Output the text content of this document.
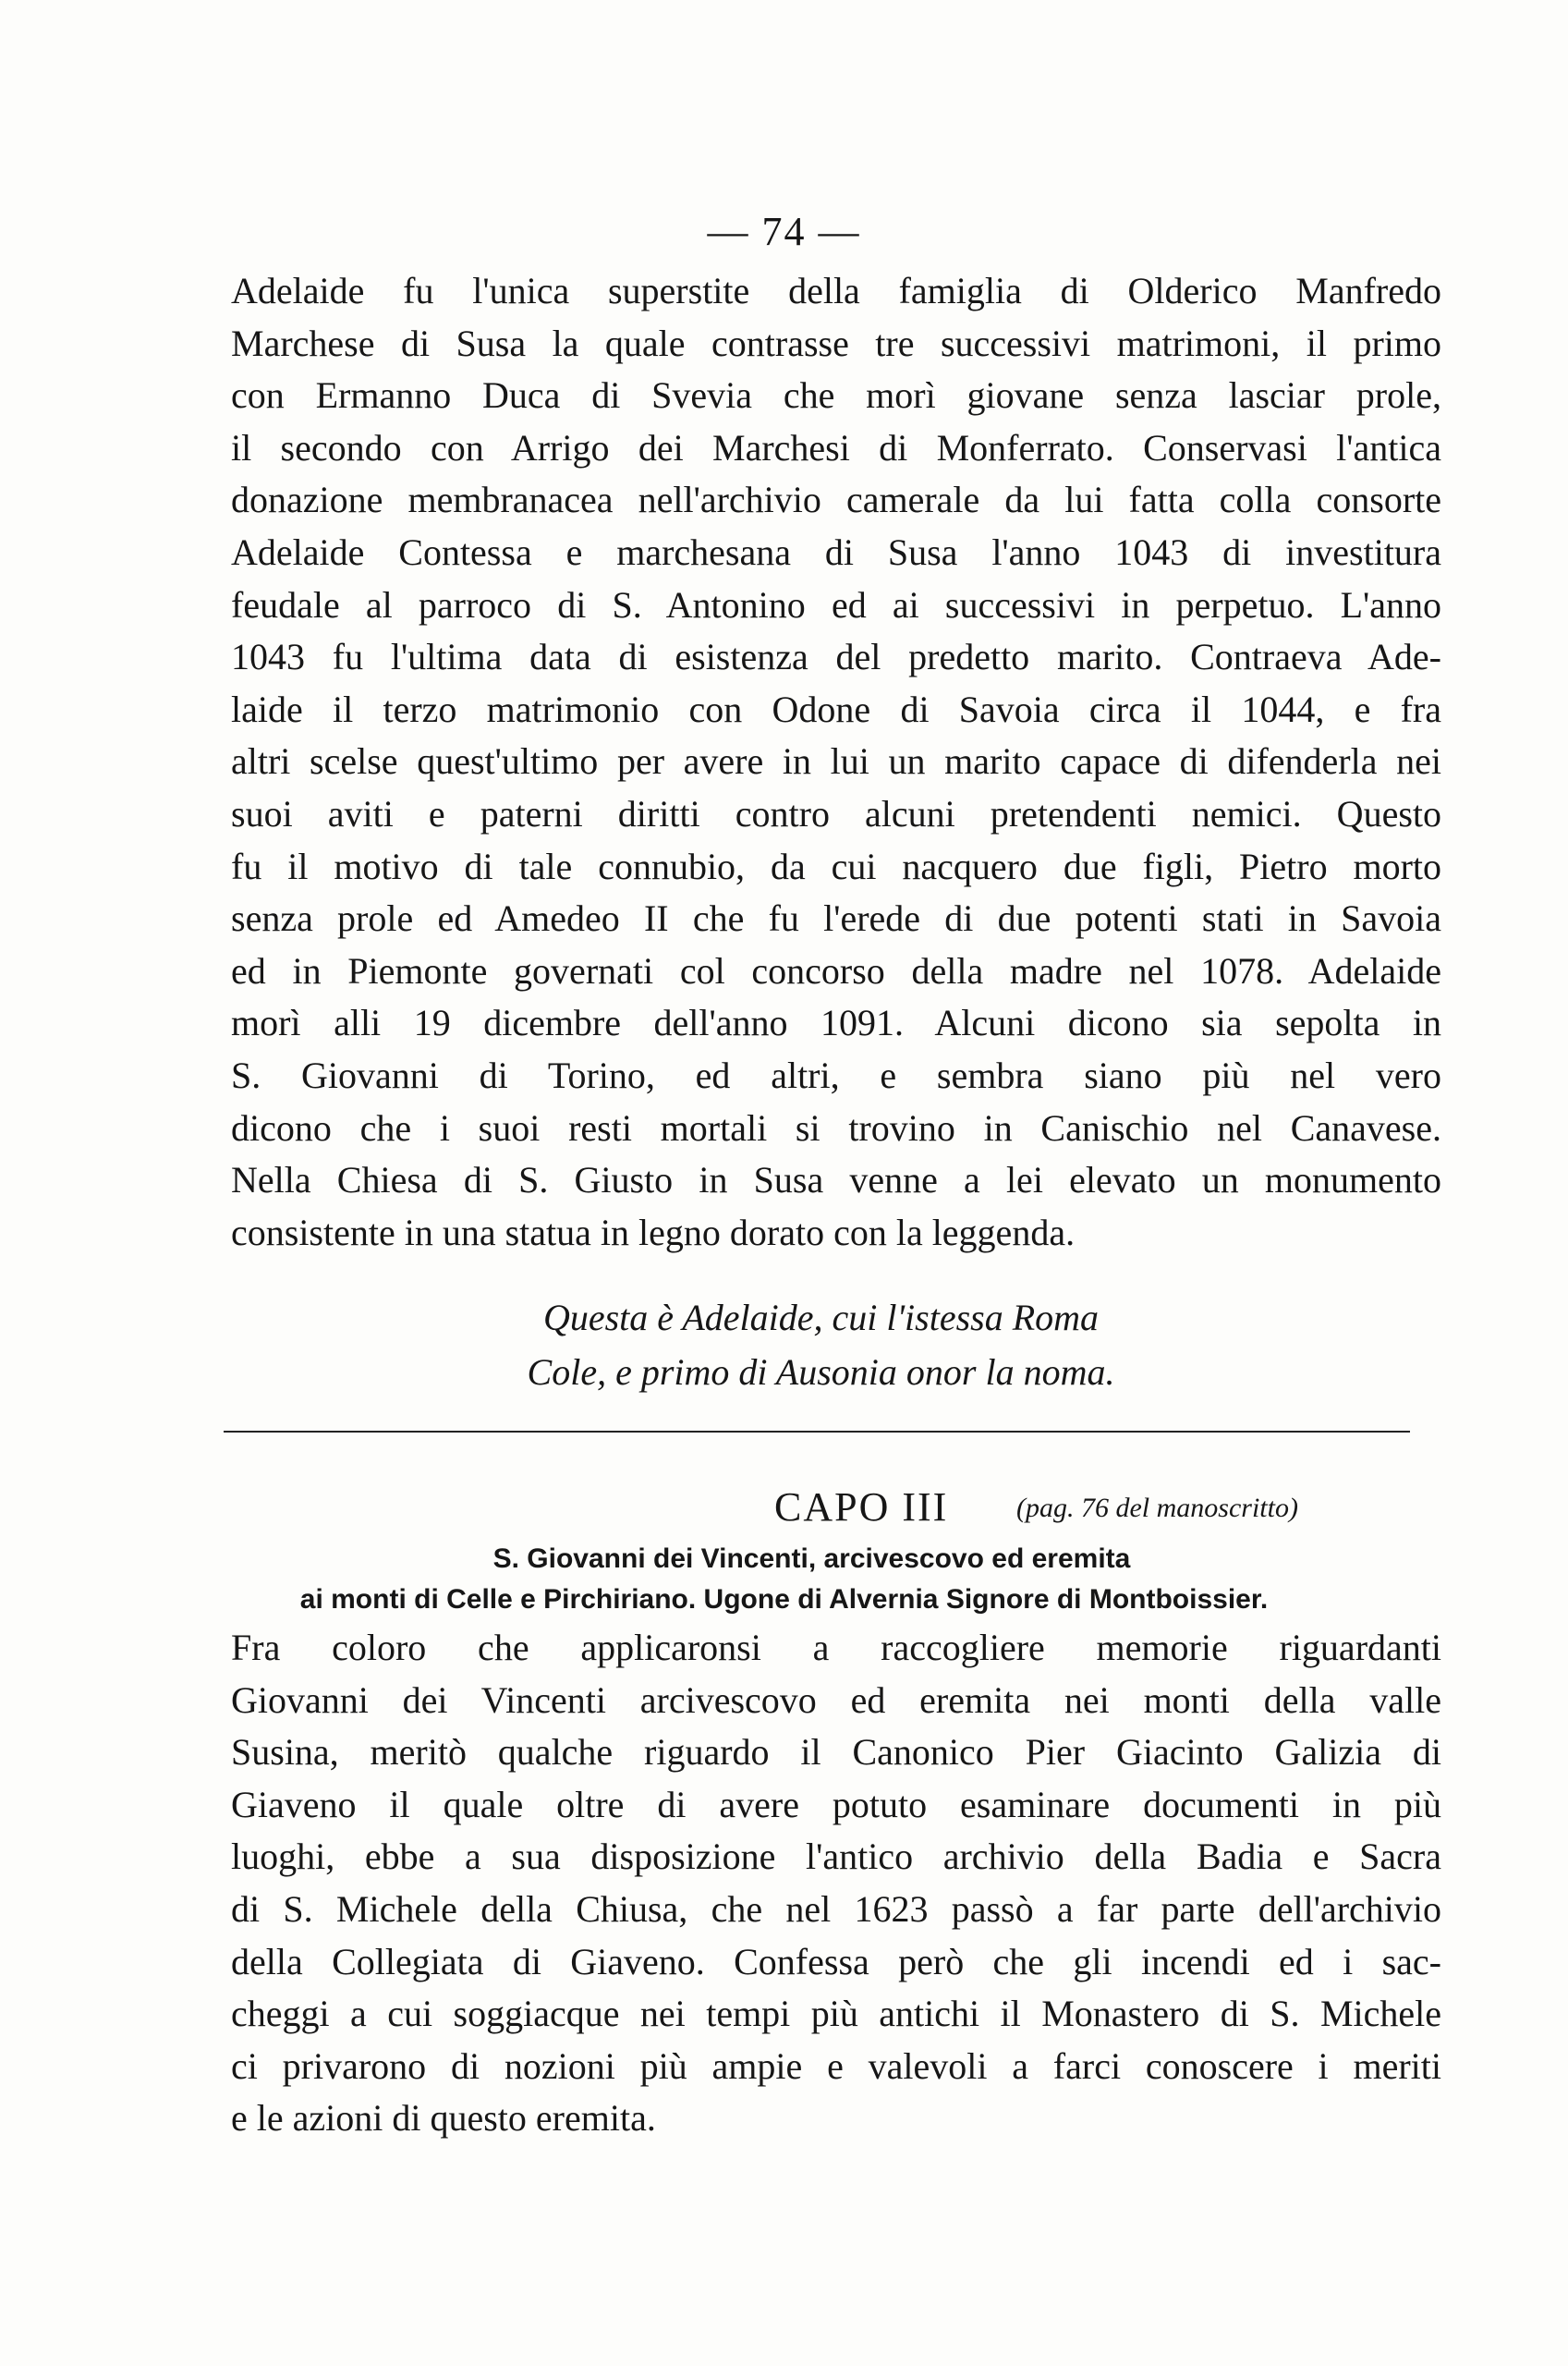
— 74 —
Adelaide fu l'unica superstite della famiglia di Olderico Manfredo
Marchese di Susa la quale contrasse tre successivi matrimoni, il primo
con Ermanno Duca di Svevia che morì giovane senza lasciar prole,
il secondo con Arrigo dei Marchesi di Monferrato. Conservasi l'antica
donazione membranacea nell'archivio camerale da lui fatta colla consorte
Adelaide Contessa e marchesana di Susa l'anno 1043 di investitura
feudale al parroco di S. Antonino ed ai successivi in perpetuo. L'anno
1043 fu l'ultima data di esistenza del predetto marito. Contraeva Ade-
laide il terzo matrimonio con Odone di Savoia circa il 1044, e fra
altri scelse quest'ultimo per avere in lui un marito capace di difenderla nei
suoi aviti e paterni diritti contro alcuni pretendenti nemici. Questo
fu il motivo di tale connubio, da cui nacquero due figli, Pietro morto
senza prole ed Amedeo II che fu l'erede di due potenti stati in Savoia
ed in Piemonte governati col concorso della madre nel 1078. Adelaide
morì alli 19 dicembre dell'anno 1091. Alcuni dicono sia sepolta in
S. Giovanni di Torino, ed altri, e sembra siano più nel vero
dicono che i suoi resti mortali si trovino in Canischio nel Canavese.
Nella Chiesa di S. Giusto in Susa venne a lei elevato un monumento
consistente in una statua in legno dorato con la leggenda.
Questa è Adelaide, cui l'istessa Roma
Cole, e primo di Ausonia onor la noma.
CAPO III (pag. 76 del manoscritto)
S. Giovanni dei Vincenti, arcivescovo ed eremita
ai monti di Celle e Pirchiriano. Ugone di Alvernia Signore di Montboissier.
Fra coloro che applicaronsi a raccogliere memorie riguardanti
Giovanni dei Vincenti arcivescovo ed eremita nei monti della valle
Susina, meritò qualche riguardo il Canonico Pier Giacinto Galizia di
Giaveno il quale oltre di avere potuto esaminare documenti in più
luoghi, ebbe a sua disposizione l'antico archivio della Badia e Sacra
di S. Michele della Chiusa, che nel 1623 passò a far parte dell'archivio
della Collegiata di Giaveno. Confessa però che gli incendi ed i sac-
cheggi a cui soggiacque nei tempi più antichi il Monastero di S. Michele
ci privarono di nozioni più ampie e valevoli a farci conoscere i meriti
e le azioni di questo eremita.
